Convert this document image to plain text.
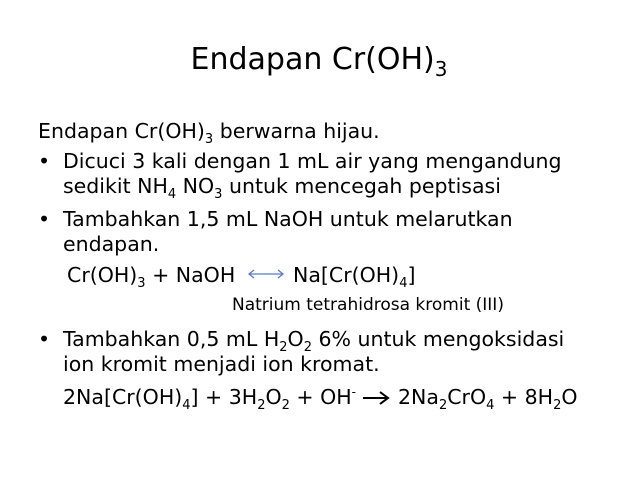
Endapan $Cr(OH)_3$
Endapan $Cr(OH)_3$ berwarna hijau.
• Dicuci 3 kali dengan 1 mL air yang mengandung
sedikit $NH_4$ $NO_3$ untuk mencegah peptisasi
• Tambahkan 1,5 mL NaOH untuk melarutkan
endapan.
$Cr(OH)_3$ + NaOH	$Na[Cr(OH)_4]$
Natrium tetrahidrosa kromit (III)
• Tambahkan 0,5 mL $H_2O_2$ 6% untuk mengoksidasi
ion kromit menjadi ion kromat.
$2Na[Cr(OH)_4] + 3H_2O_2 + OH^- \to 2Na_2CrO_4 + 8H_2O$
